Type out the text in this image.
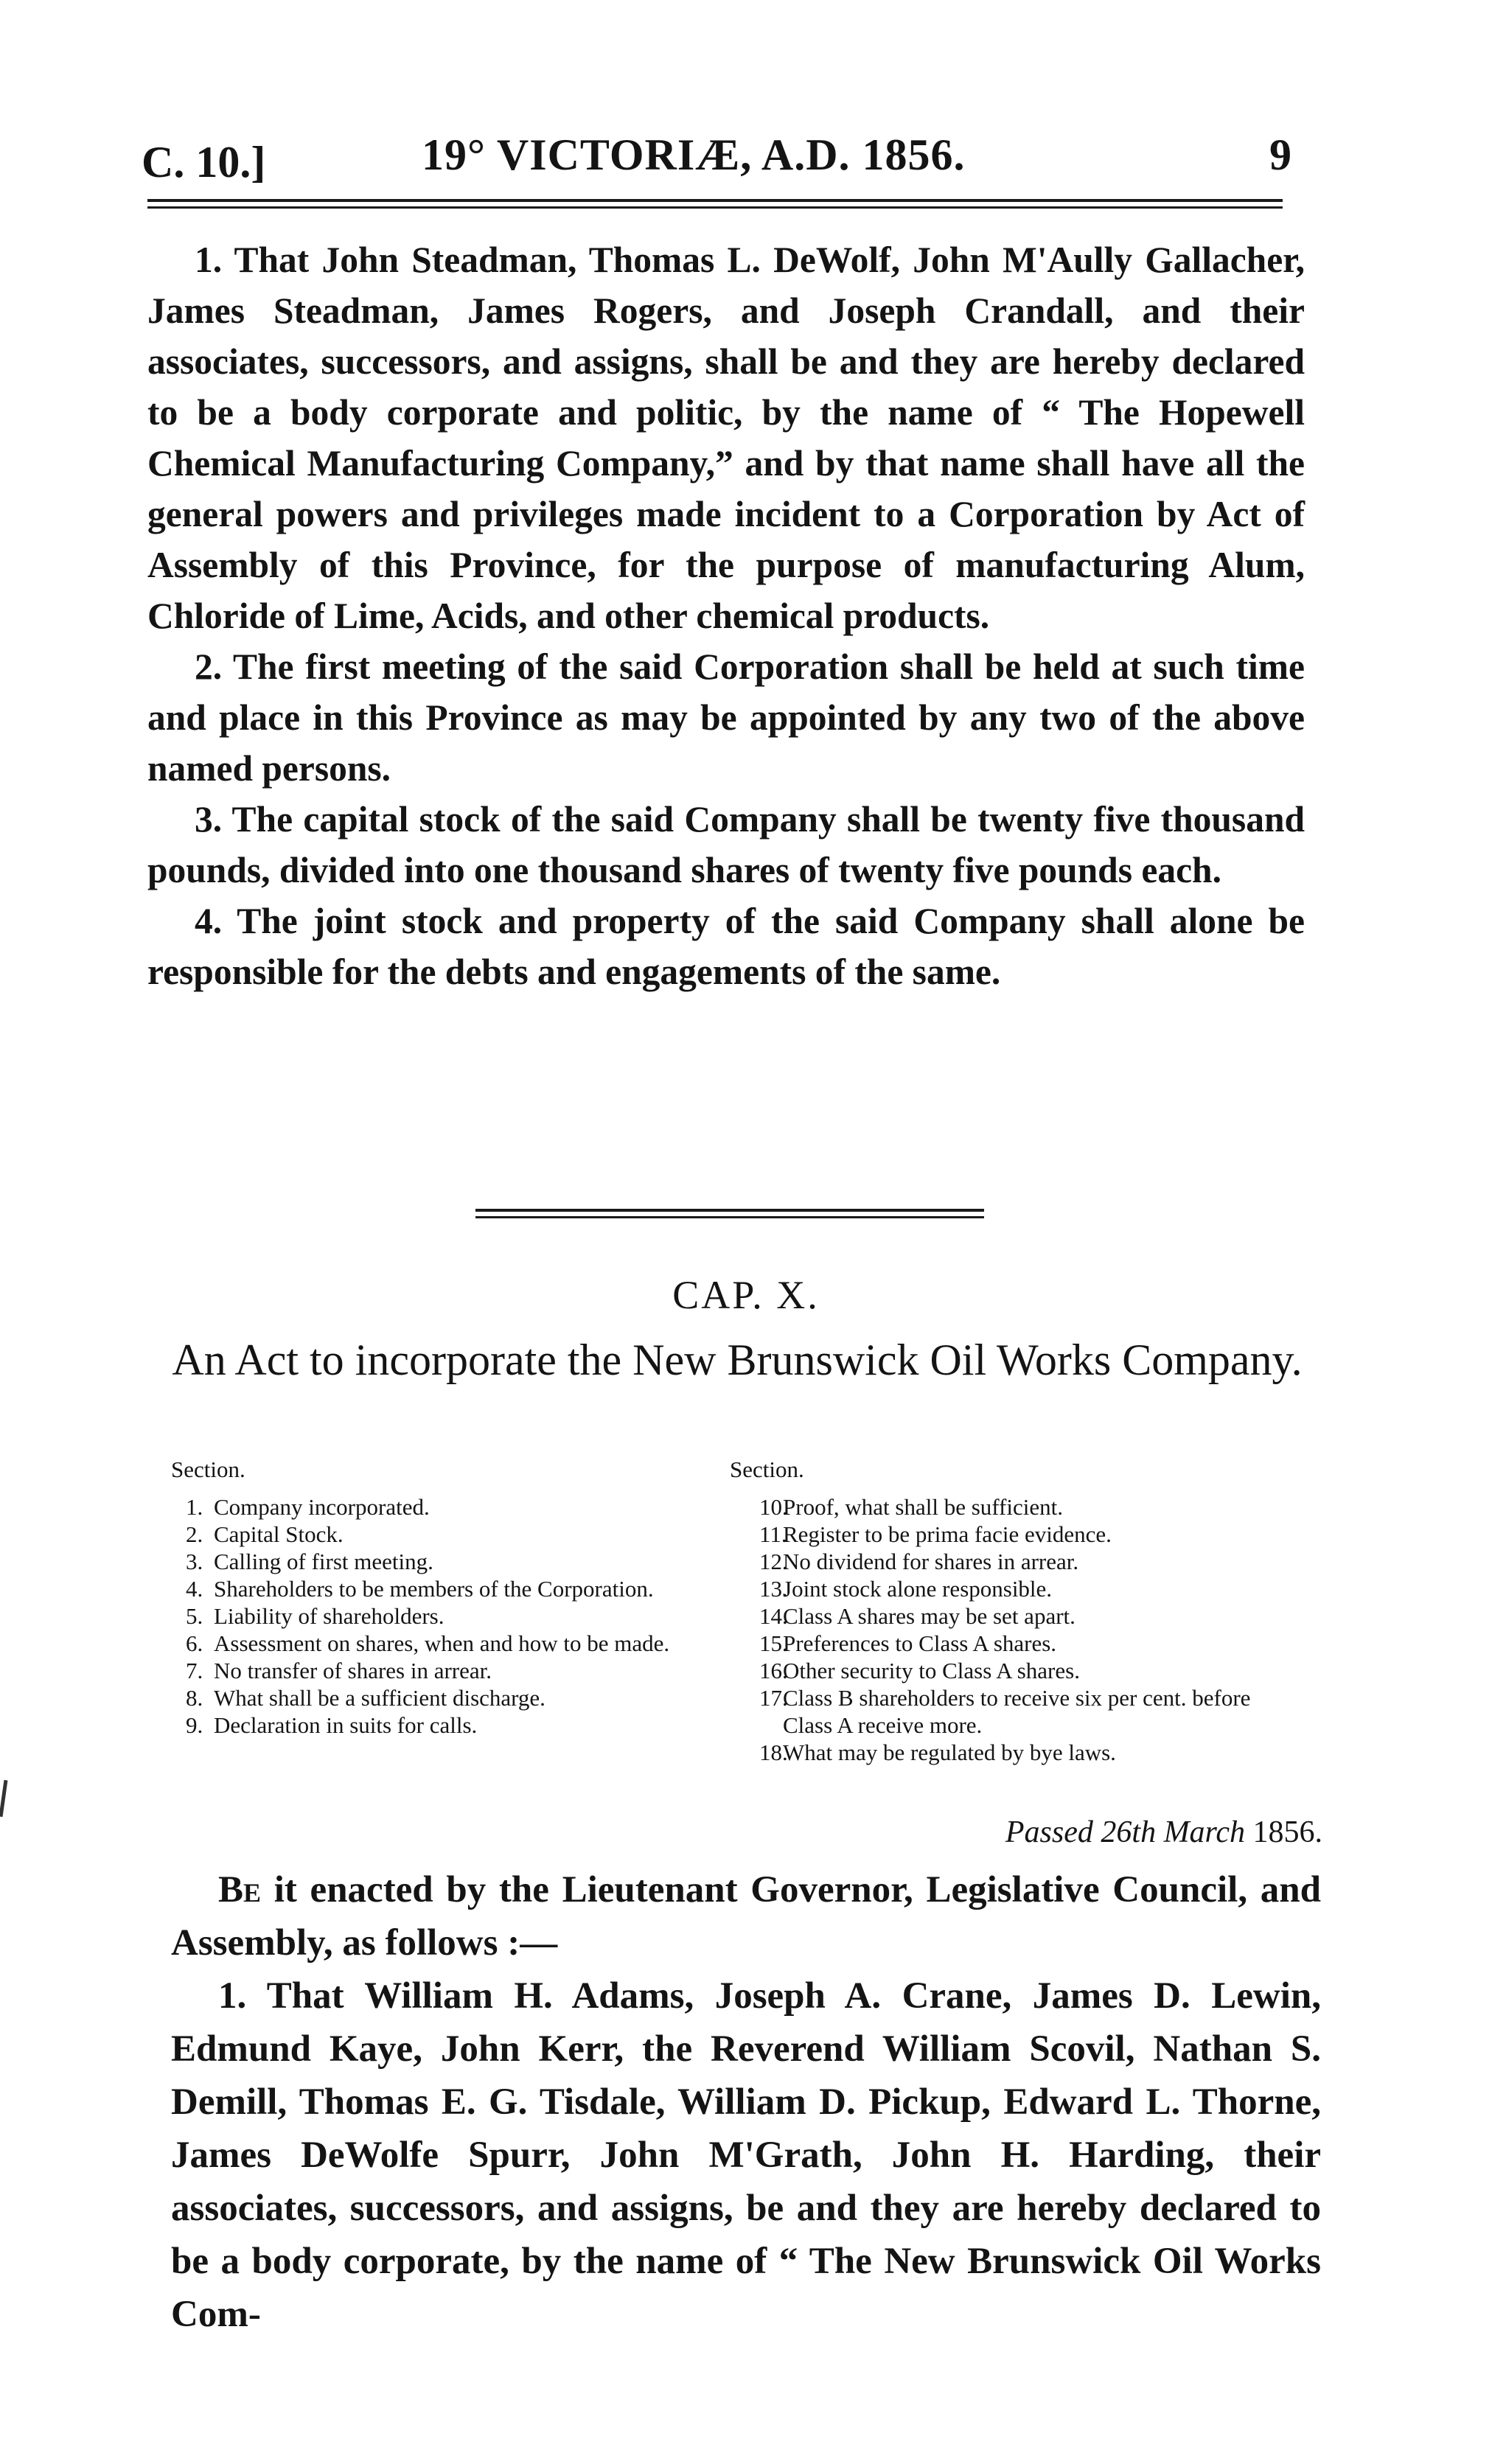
C. 10.]	19° VICTORIÆ, A.D. 1856.	9

1. That John Steadman, Thomas L. DeWolf, John M'Aully Gallacher, James Steadman, James Rogers, and Joseph Crandall, and their associates, successors, and assigns, shall be and they are hereby declared to be a body corporate and politic, by the name of “ The Hopewell Chemical Manufacturing Company,” and by that name shall have all the general powers and privileges made incident to a Corporation by Act of Assembly of this Province, for the purpose of manufacturing Alum, Chloride of Lime, Acids, and other chemical products.

2. The first meeting of the said Corporation shall be held at such time and place in this Province as may be appointed by any two of the above named persons.

3. The capital stock of the said Company shall be twenty five thousand pounds, divided into one thousand shares of twenty five pounds each.

4. The joint stock and property of the said Company shall alone be responsible for the debts and engagements of the same.

CAP. X.
An Act to incorporate the New Brunswick Oil Works Company.
Section.
1. Company incorporated.
2. Capital Stock.
3. Calling of first meeting.
4. Shareholders to be members of the Corporation.
5. Liability of shareholders.
6. Assessment on shares, when and how to be made.
7. No transfer of shares in arrear.
8. What shall be a sufficient discharge.
9. Declaration in suits for calls.
Section.
10.
Proof, what shall be sufficient.
11.
Register to be prima facie evidence.
12.
No dividend for shares in arrear.
13.
Joint stock alone responsible.
14.
Class A shares may be set apart.
15.
Preferences to Class A shares.
16.
Other security to Class A shares.
17.
Class B shareholders to receive six per cent. before Class A receive more.
18.
What may be regulated by bye laws.
Passed 26th March 1856.

Be it enacted by the Lieutenant Governor, Legislative Council, and Assembly, as follows :—

1. That William H. Adams, Joseph A. Crane, James D. Lewin, Edmund Kaye, John Kerr, the Reverend William Scovil, Nathan S. Demill, Thomas E. G. Tisdale, William D. Pickup, Edward L. Thorne, James DeWolfe Spurr, John M'Grath, John H. Harding, their associates, successors, and assigns, be and they are hereby declared to be a body corporate, by the name of “ The New Brunswick Oil Works Com-
